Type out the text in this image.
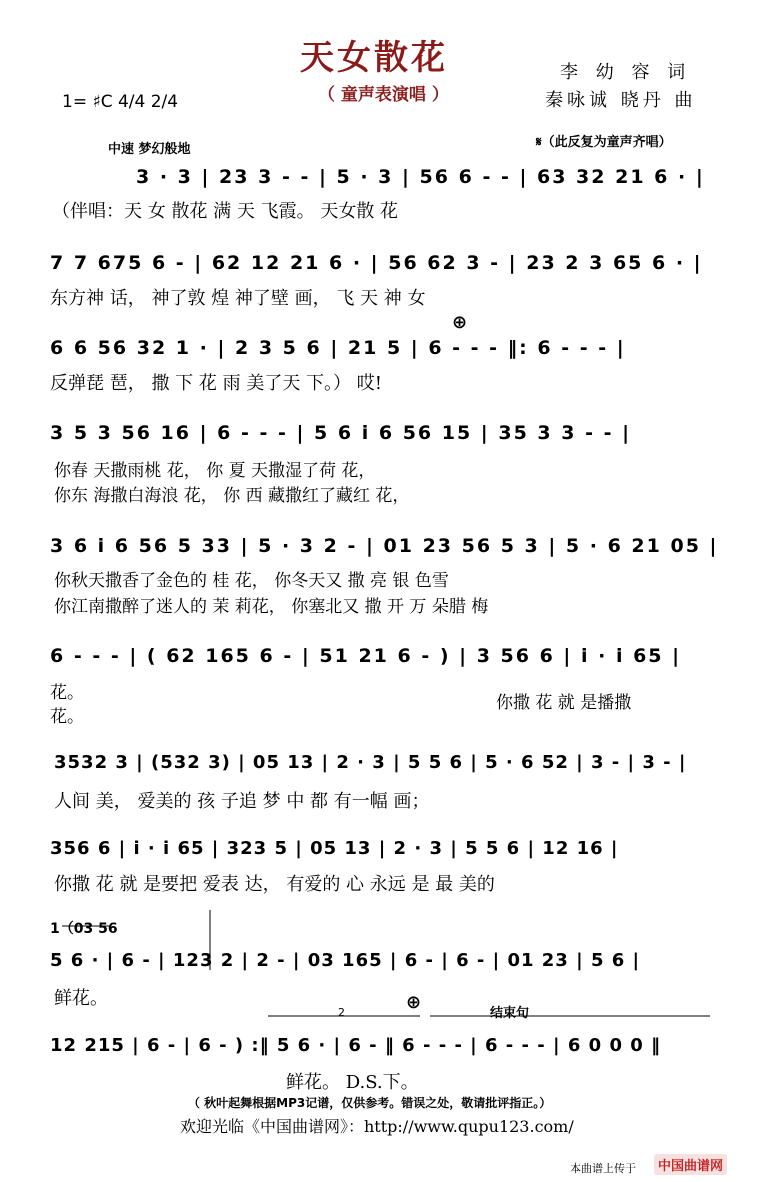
天女散花
（ 童声表演唱 ）
李 幼 容 词
秦咏诚 晓丹 曲
1= ♯C 4/4 2/4
中速 梦幻般地	𝄋（此反复为童声齐唱）
3 · 3 | 23 3 - - | 5 · 3 | 56 6 - - | 63 32 21 6 · |
（伴唱：天 女 散花 满 天 飞霞。 天女散 花
7 7 675 6 - | 62 12 21 6 · | 56 62 3 - | 23 2 3 65 6 · |
东方神 话， 神了敦 煌 神了壁 画， 飞 天 神 女
⊕
6 6 56 32 1 · | 2 3 5 6 | 21 5 | 6 - - - ‖: 6 - - - |
反弹琵 琶， 撒 下 花 雨 美了天 下。） 哎!
3 5 3 56 16 | 6 - - - | 5 6 i 6 56 15 | 35 3 3 - - |
你春 天撒雨桃 花， 你 夏 天撒湿了荷 花，
你东 海撒白海浪 花， 你 西 藏撒红了藏红 花，
3 6 i 6 56 5 33 | 5 · 3 2 - | 01 23 56 5 3 | 5 · 6 21 05 |
你秋天撒香了金色的 桂 花， 你冬天又 撒 亮 银 色雪
你江南撒醉了迷人的 茉 莉花， 你塞北又 撒 开 万 朵腊 梅
6 - - - | ( 62 165 6 - | 51 21 6 - ) | 3 56 6 | i · i 65 |
花。
花。
你撒 花 就 是播撒
3532 3 | (532 3) | 05 13 | 2 · 3 | 5 5 6 | 5 · 6 52 | 3 - | 3 - |
人间 美， 爱美的 孩 子追 梦 中 都 有一幅 画；
356 6 | i · i 65 | 323 5 | 05 13 | 2 · 3 | 5 5 6 | 12 16 |
你撒 花 就 是要把 爱表 达， 有爱的 心 永远 是 最 美的
1（03 56
5 6 · | 6 - | 123 2 | 2 - | 03 165 | 6 - | 6 - | 01 23 | 5 6 |
鲜花。
2	⊕
结束句
12 215 | 6 - | 6 - ) :‖ 5 6 · | 6 - ‖ 6 - - - | 6 - - - | 6 0 0 0 ‖
鲜花。 D.S.下。
（ 秋叶起舞根据MP3记谱，仅供参考。错误之处，敬请批评指正。）
欢迎光临《中国曲谱网》：http://www.qupu123.com/
本曲谱上传于	中国曲谱网
